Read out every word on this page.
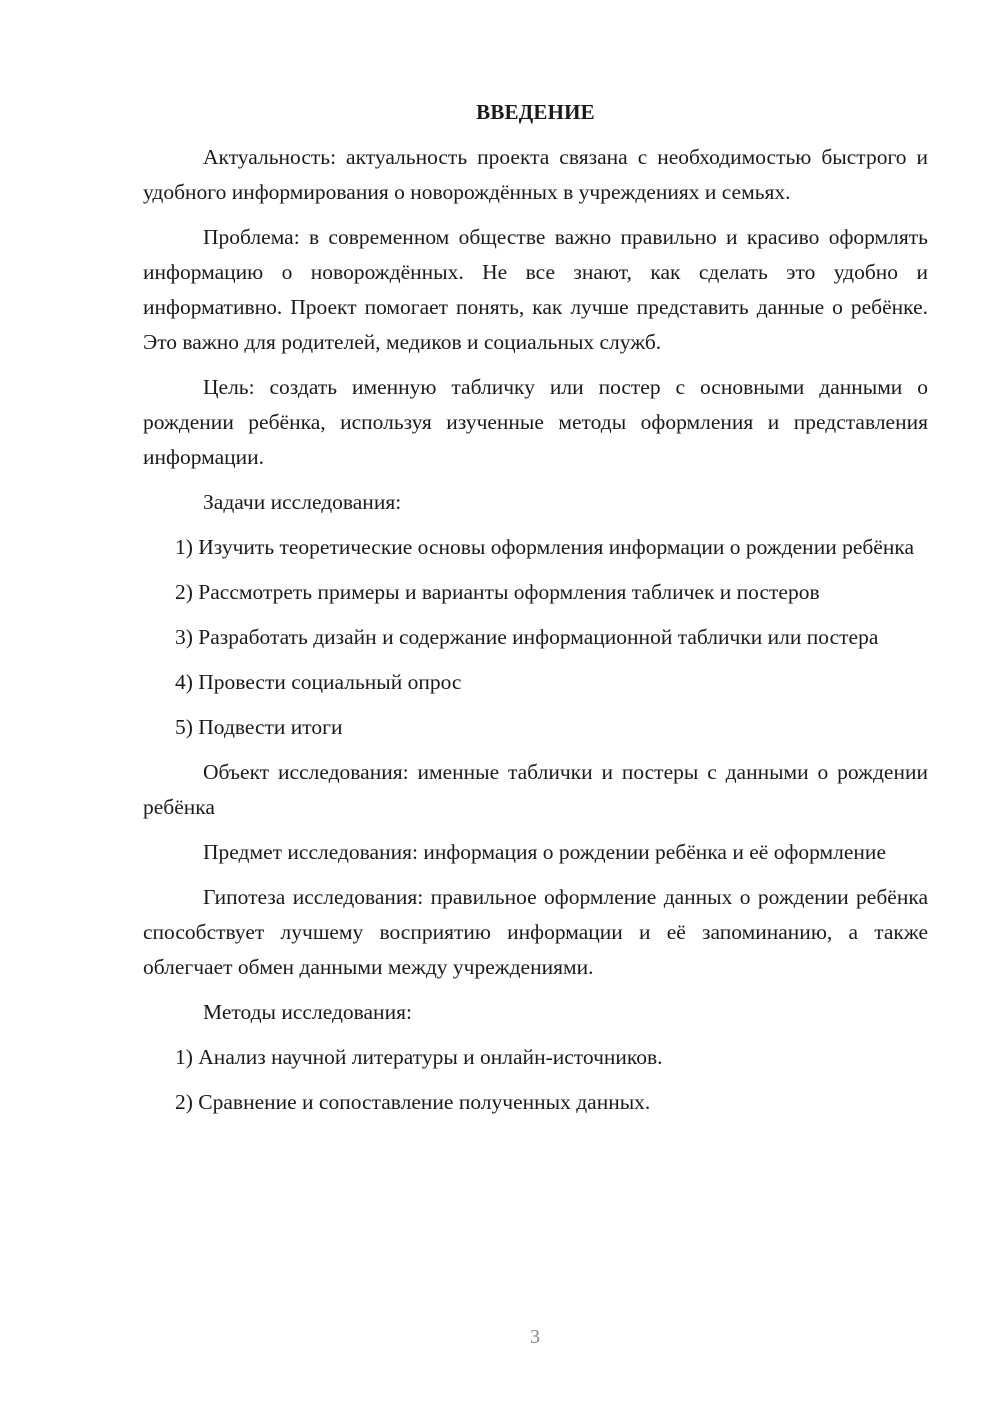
ВВЕДЕНИЕ

Актуальность: актуальность проекта связана с необходимостью быстрого и удобного информирования о новорождённых в учреждениях и семьях.

Проблема: в современном обществе важно правильно и красиво оформлять информацию о новорождённых. Не все знают, как сделать это удобно и информативно. Проект помогает понять, как лучше представить данные о ребёнке. Это важно для родителей, медиков и социальных служб.

Цель: создать именную табличку или постер с основными данными о рождении ребёнка, используя изученные методы оформления и представления информации.

Задачи исследования:

1) Изучить теоретические основы оформления информации о рождении ребёнка

2) Рассмотреть примеры и варианты оформления табличек и постеров

3) Разработать дизайн и содержание информационной таблички или постера

4) Провести социальный опрос

5) Подвести итоги

Объект исследования: именные таблички и постеры с данными о рождении ребёнка

Предмет исследования: информация о рождении ребёнка и её оформление

Гипотеза исследования: правильное оформление данных о рождении ребёнка способствует лучшему восприятию информации и её запоминанию, а также облегчает обмен данными между учреждениями.

Методы исследования:

1) Анализ научной литературы и онлайн-источников.

2) Сравнение и сопоставление полученных данных.

3
